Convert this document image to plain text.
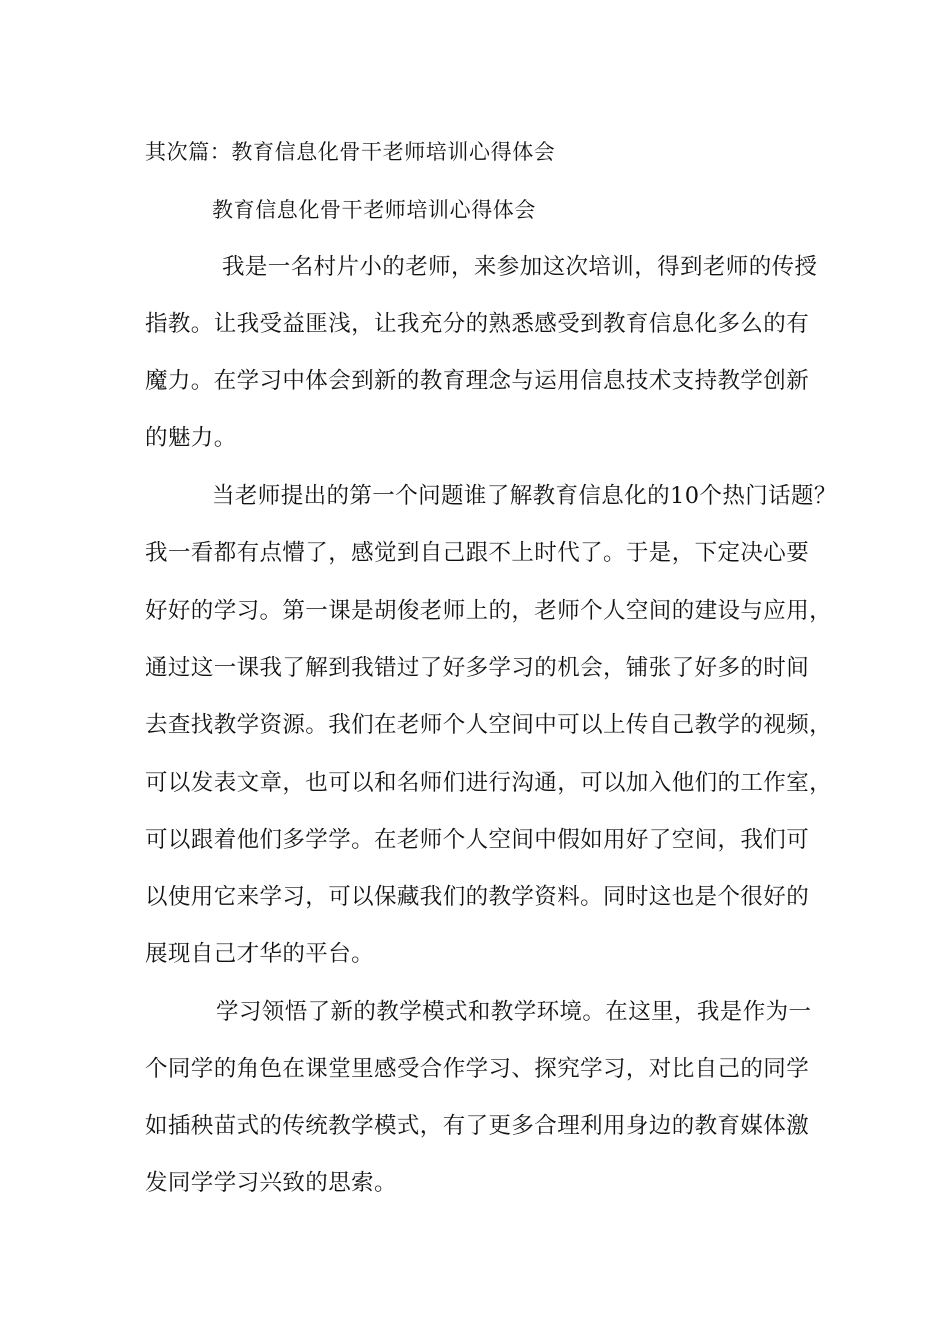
其次篇：教育信息化骨干老师培训心得体会
教育信息化骨干老师培训心得体会
我是一名村片小的老师，来参加这次培训，得到老师的传授
指教。让我受益匪浅，让我充分的熟悉感受到教育信息化多么的有
魔力。在学习中体会到新的教育理念与运用信息技术支持教学创新
的魅力。
当老师提出的第一个问题谁了解教育信息化的10个热门话题？
我一看都有点懵了，感觉到自己跟不上时代了。于是，下定决心要
好好的学习。第一课是胡俊老师上的，老师个人空间的建设与应用，
通过这一课我了解到我错过了好多学习的机会，铺张了好多的时间
去查找教学资源。我们在老师个人空间中可以上传自己教学的视频，
可以发表文章，也可以和名师们进行沟通，可以加入他们的工作室，
可以跟着他们多学学。在老师个人空间中假如用好了空间，我们可
以使用它来学习，可以保藏我们的教学资料。同时这也是个很好的
展现自己才华的平台。
学习领悟了新的教学模式和教学环境。在这里，我是作为一
个同学的角色在课堂里感受合作学习、探究学习，对比自己的同学
如插秧苗式的传统教学模式，有了更多合理利用身边的教育媒体激
发同学学习兴致的思索。
